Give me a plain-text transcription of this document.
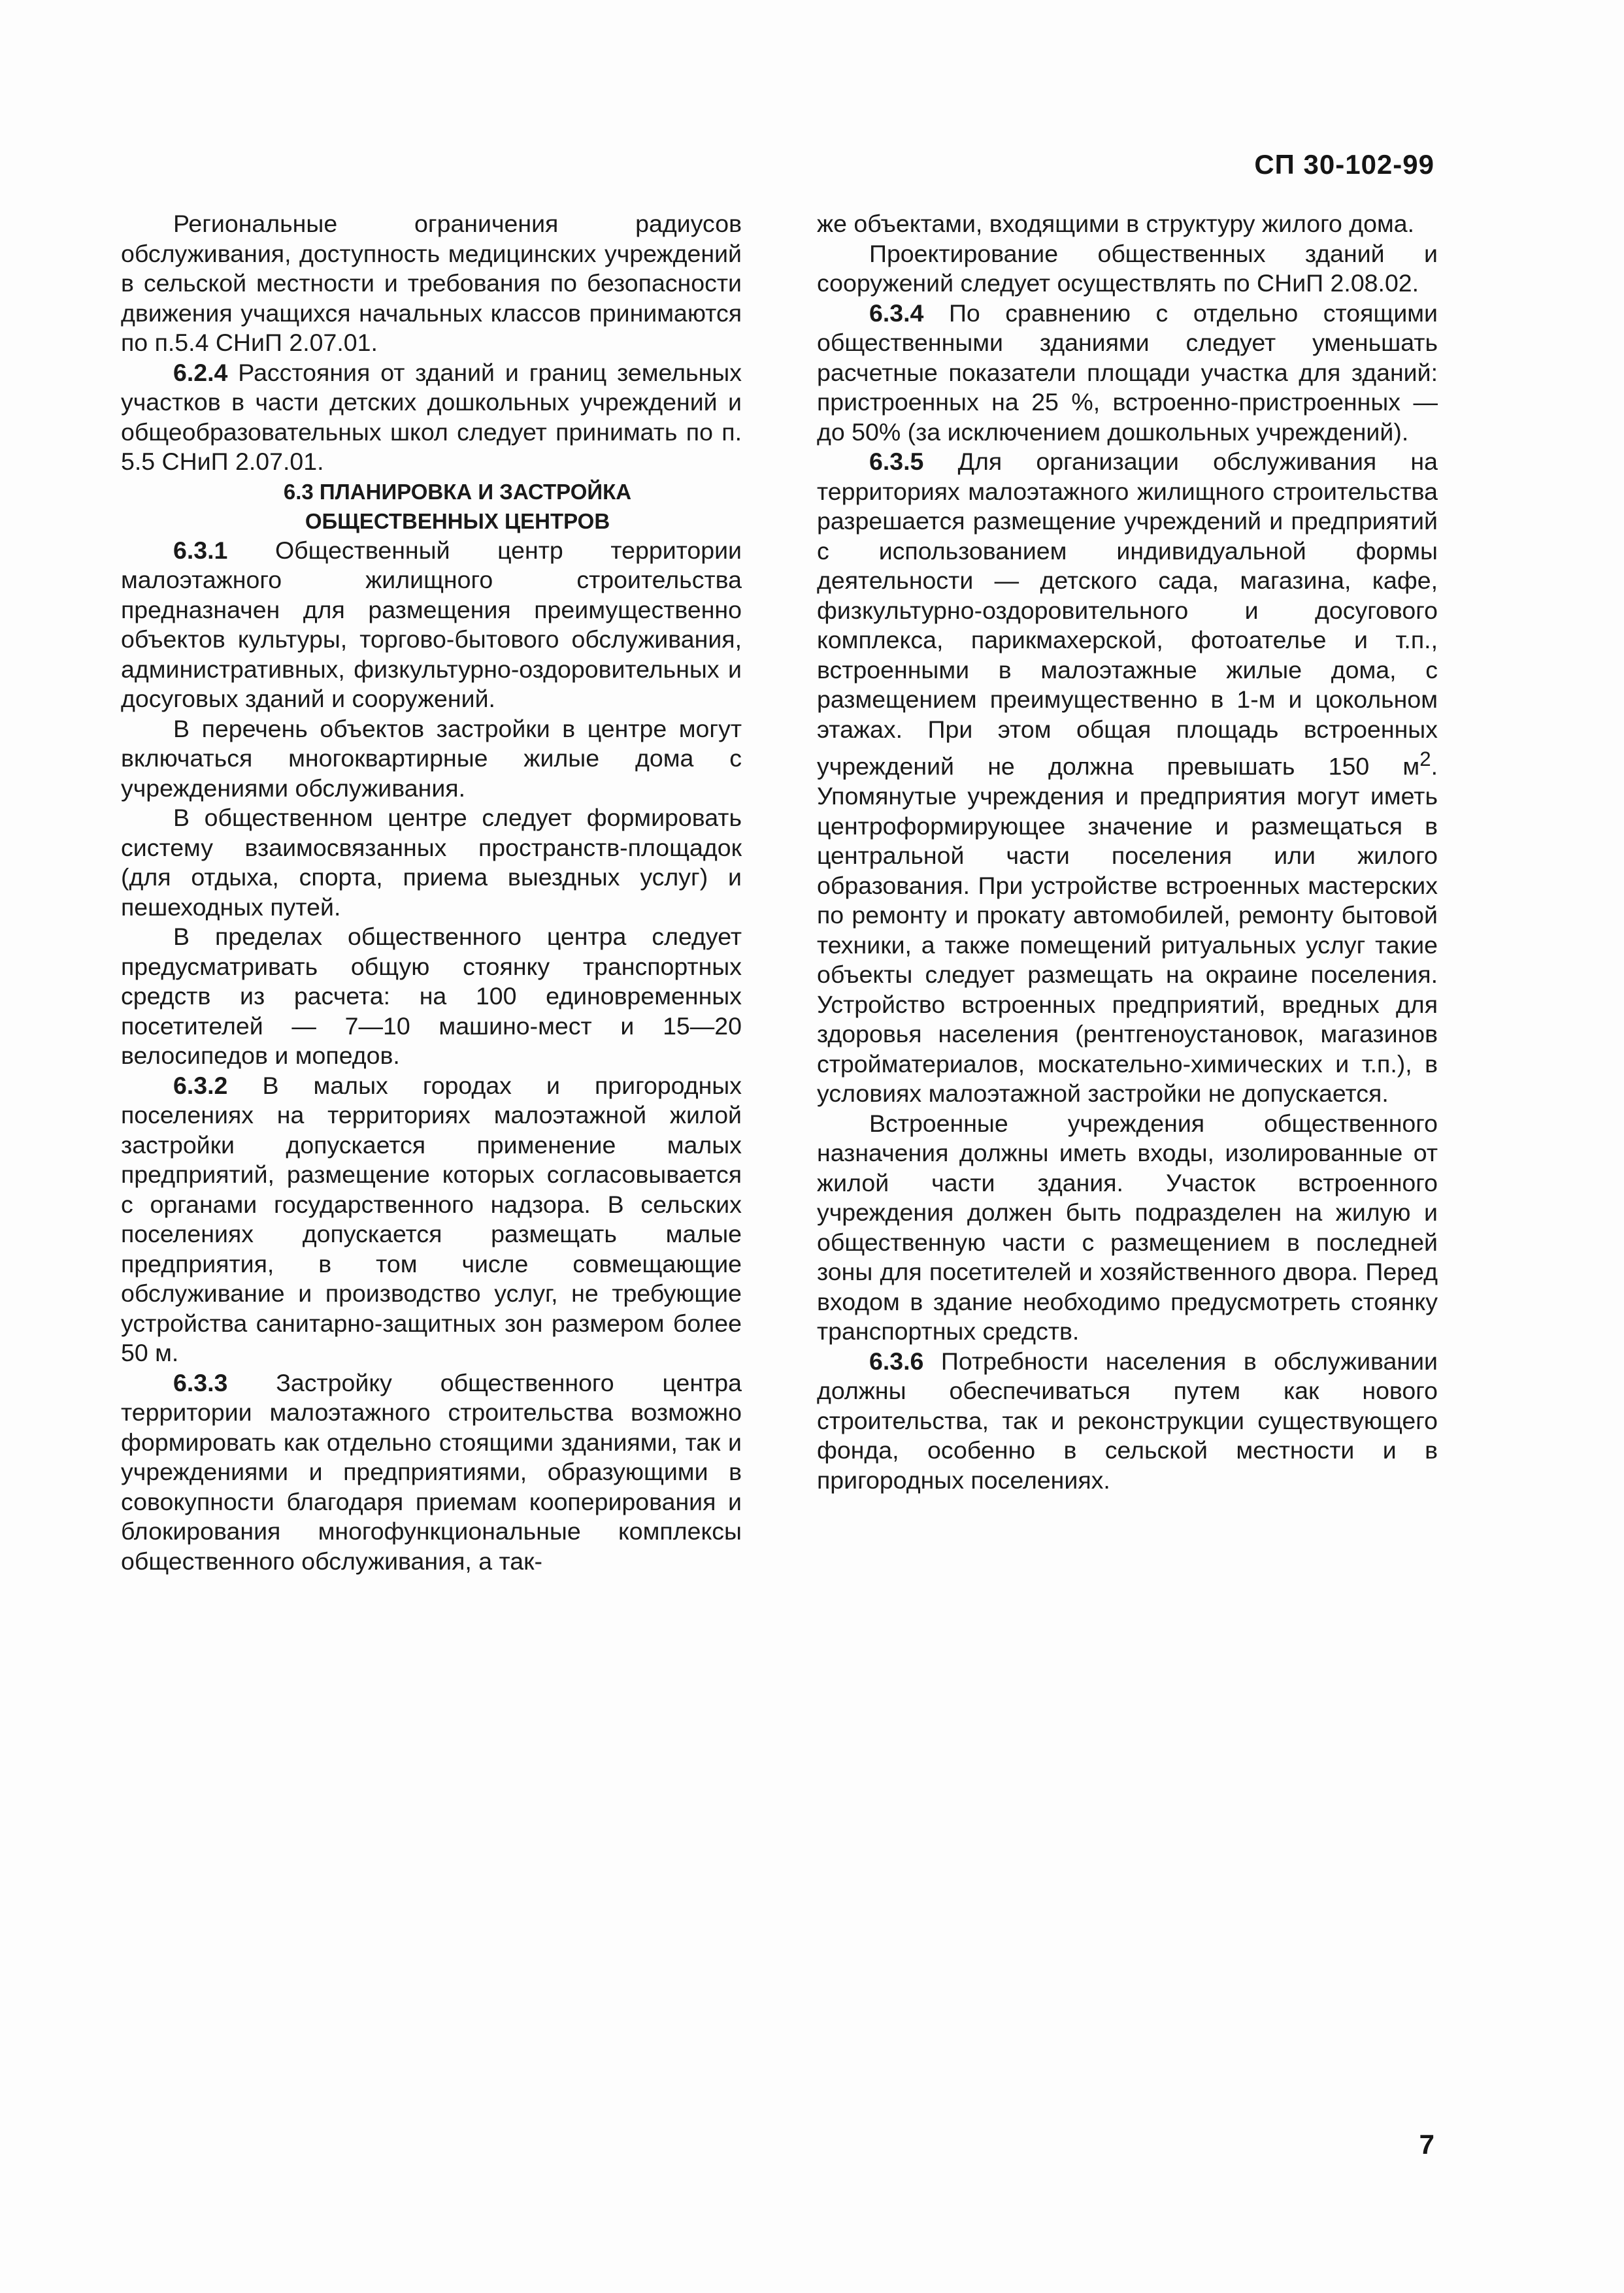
СП 30-102-99

Региональные ограничения радиусов обслуживания, доступность медицинских учреждений в сельской местности и требования по безопасности движения учащихся начальных классов принимаются по п.5.4 СНиП 2.07.01.

6.2.4 Расстояния от зданий и границ земельных участков в части детских дошкольных учреждений и общеобразовательных школ следует принимать по п. 5.5 СНиП 2.07.01.

6.3 ПЛАНИРОВКА И ЗАСТРОЙКА
ОБЩЕСТВЕННЫХ ЦЕНТРОВ

6.3.1 Общественный центр территории малоэтажного жилищного строительства предназначен для размещения преимущественно объектов культуры, торгово-бытового обслуживания, административных, физкультурно-оздоровительных и досуговых зданий и сооружений.

В перечень объектов застройки в центре могут включаться многоквартирные жилые дома с учреждениями обслуживания.

В общественном центре следует формировать систему взаимосвязанных пространств-площадок (для отдыха, спорта, приема выездных услуг) и пешеходных путей.

В пределах общественного центра следует предусматривать общую стоянку транспортных средств из расчета: на 100 единовременных посетителей — 7—10 машино-мест и 15—20 велосипедов и мопедов.

6.3.2 В малых городах и пригородных поселениях на территориях малоэтажной жилой застройки допускается применение малых предприятий, размещение которых согласовывается с органами государственного надзора. В сельских поселениях допускается размещать малые предприятия, в том числе совмещающие обслуживание и производство услуг, не требующие устройства санитарно-защитных зон размером более 50 м.

6.3.3 Застройку общественного центра территории малоэтажного строительства возможно формировать как отдельно стоящими зданиями, так и учреждениями и предприятиями, образующими в совокупности благодаря приемам кооперирования и блокирования многофункциональные комплексы общественного обслуживания, а так-

же объектами, входящими в структуру жилого дома.

Проектирование общественных зданий и сооружений следует осуществлять по СНиП 2.08.02.

6.3.4 По сравнению с отдельно стоящими общественными зданиями следует уменьшать расчетные показатели площади участка для зданий: пристроенных на 25 %, встроенно-пристроенных — до 50% (за исключением дошкольных учреждений).

6.3.5 Для организации обслуживания на территориях малоэтажного жилищного строительства разрешается размещение учреждений и предприятий с использованием индивидуальной формы деятельности — детского сада, магазина, кафе, физкультурно-оздоровительного и досугового комплекса, парикмахерской, фотоателье и т.п., встроенными в малоэтажные жилые дома, с размещением преимущественно в 1-м и цокольном этажах. При этом общая площадь встроенных учреждений не должна превышать 150 $м^2$. Упомянутые учреждения и предприятия могут иметь центроформирующее значение и размещаться в центральной части поселения или жилого образования. При устройстве встроенных мастерских по ремонту и прокату автомобилей, ремонту бытовой техники, а также помещений ритуальных услуг такие объекты следует размещать на окраине поселения. Устройство встроенных предприятий, вредных для здоровья населения (рентгеноустановок, магазинов стройматериалов, москательно-химических и т.п.), в условиях малоэтажной застройки не допускается.

Встроенные учреждения общественного назначения должны иметь входы, изолированные от жилой части здания. Участок встроенного учреждения должен быть подразделен на жилую и общественную части с размещением в последней зоны для посетителей и хозяйственного двора. Перед входом в здание необходимо предусмотреть стоянку транспортных средств.

6.3.6 Потребности населения в обслуживании должны обеспечиваться путем как нового строительства, так и реконструкции существующего фонда, особенно в сельской местности и в пригородных поселениях.

7
